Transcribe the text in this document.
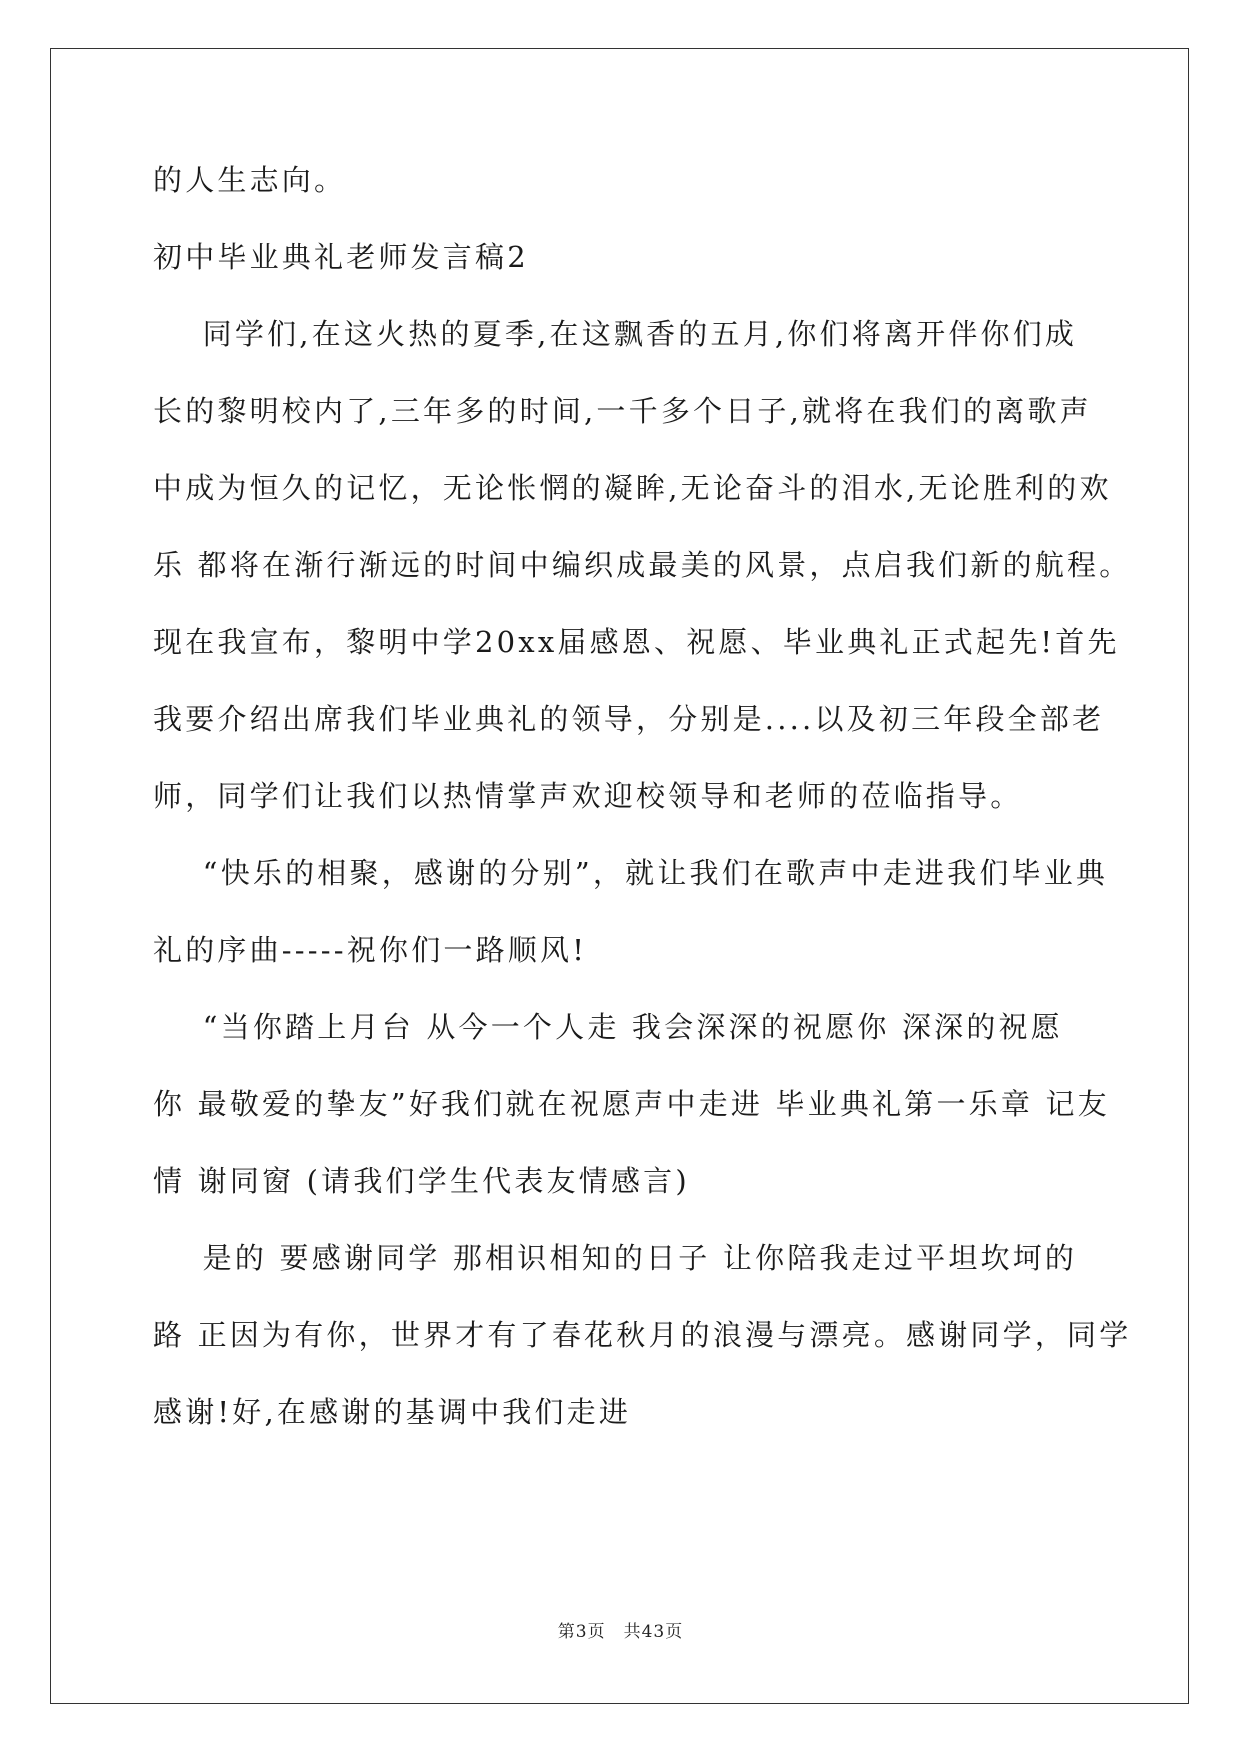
的人生志向。
初中毕业典礼老师发言稿2
同学们,在这火热的夏季,在这飘香的五月,你们将离开伴你们成
长的黎明校内了,三年多的时间,一千多个日子,就将在我们的离歌声
中成为恒久的记忆，无论怅惘的凝眸,无论奋斗的泪水,无论胜利的欢
乐 都将在渐行渐远的时间中编织成最美的风景，点启我们新的航程。
现在我宣布，黎明中学20xx届感恩、祝愿、毕业典礼正式起先!首先
我要介绍出席我们毕业典礼的领导，分别是....以及初三年段全部老
师，同学们让我们以热情掌声欢迎校领导和老师的莅临指导。
“快乐的相聚，感谢的分别”，就让我们在歌声中走进我们毕业典
礼的序曲-----祝你们一路顺风!
“当你踏上月台 从今一个人走 我会深深的祝愿你 深深的祝愿
你 最敬爱的挚友”好我们就在祝愿声中走进 毕业典礼第一乐章 记友
情 谢同窗 (请我们学生代表友情感言)
是的 要感谢同学 那相识相知的日子 让你陪我走过平坦坎坷的
路 正因为有你，世界才有了春花秋月的浪漫与漂亮。感谢同学，同学
感谢!好,在感谢的基调中我们走进
第3页 共43页
